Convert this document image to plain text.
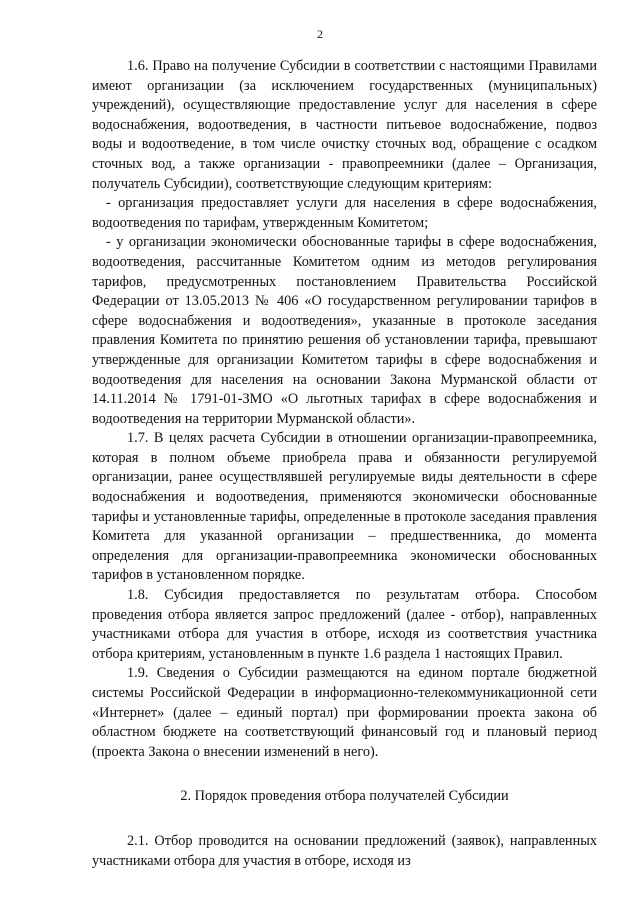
2

1.6. Право на получение Субсидии в соответствии с настоящими Правилами имеют организации (за исключением государственных (муниципальных) учреждений), осуществляющие предоставление услуг для населения в сфере водоснабжения, водоотведения, в частности питьевое водоснабжение, подвоз воды и водоотведение, в том числе очистку сточных вод, обращение с осадком сточных вод, а также организации - правопреемники (далее – Организация, получатель Субсидии), соответствующие следующим критериям:

- организация предоставляет услуги для населения в сфере водоснабжения, водоотведения по тарифам, утвержденным Комитетом;

- у организации экономически обоснованные тарифы в сфере водоснабжения, водоотведения, рассчитанные Комитетом одним из методов регулирования тарифов, предусмотренных постановлением Правительства Российской Федерации от 13.05.2013 № 406 «О государственном регулировании тарифов в сфере водоснабжения и водоотведения», указанные в протоколе заседания правления Комитета по принятию решения об установлении тарифа, превышают утвержденные для организации Комитетом тарифы в сфере водоснабжения и водоотведения для населения на основании Закона Мурманской области от 14.11.2014 № 1791-01-ЗМО «О льготных тарифах в сфере водоснабжения и водоотведения на территории Мурманской области».

1.7. В целях расчета Субсидии в отношении организации-правопреемника, которая в полном объеме приобрела права и обязанности регулируемой организации, ранее осуществлявшей регулируемые виды деятельности в сфере водоснабжения и водоотведения, применяются экономически обоснованные тарифы и установленные тарифы, определенные в протоколе заседания правления Комитета для указанной организации – предшественника, до момента определения для организации-правопреемника экономически обоснованных тарифов в установленном порядке.

1.8. Субсидия предоставляется по результатам отбора. Способом проведения отбора является запрос предложений (далее - отбор), направленных участниками отбора для участия в отборе, исходя из соответствия участника отбора критериям, установленным в пункте 1.6 раздела 1 настоящих Правил.

1.9. Сведения о Субсидии размещаются на едином портале бюджетной системы Российской Федерации в информационно-телекоммуникационной сети «Интернет» (далее – единый портал) при формировании проекта закона об областном бюджете на соответствующий финансовый год и плановый период (проекта Закона о внесении изменений в него).

2. Порядок проведения отбора получателей Субсидии

2.1. Отбор проводится на основании предложений (заявок), направленных участниками отбора для участия в отборе, исходя из
